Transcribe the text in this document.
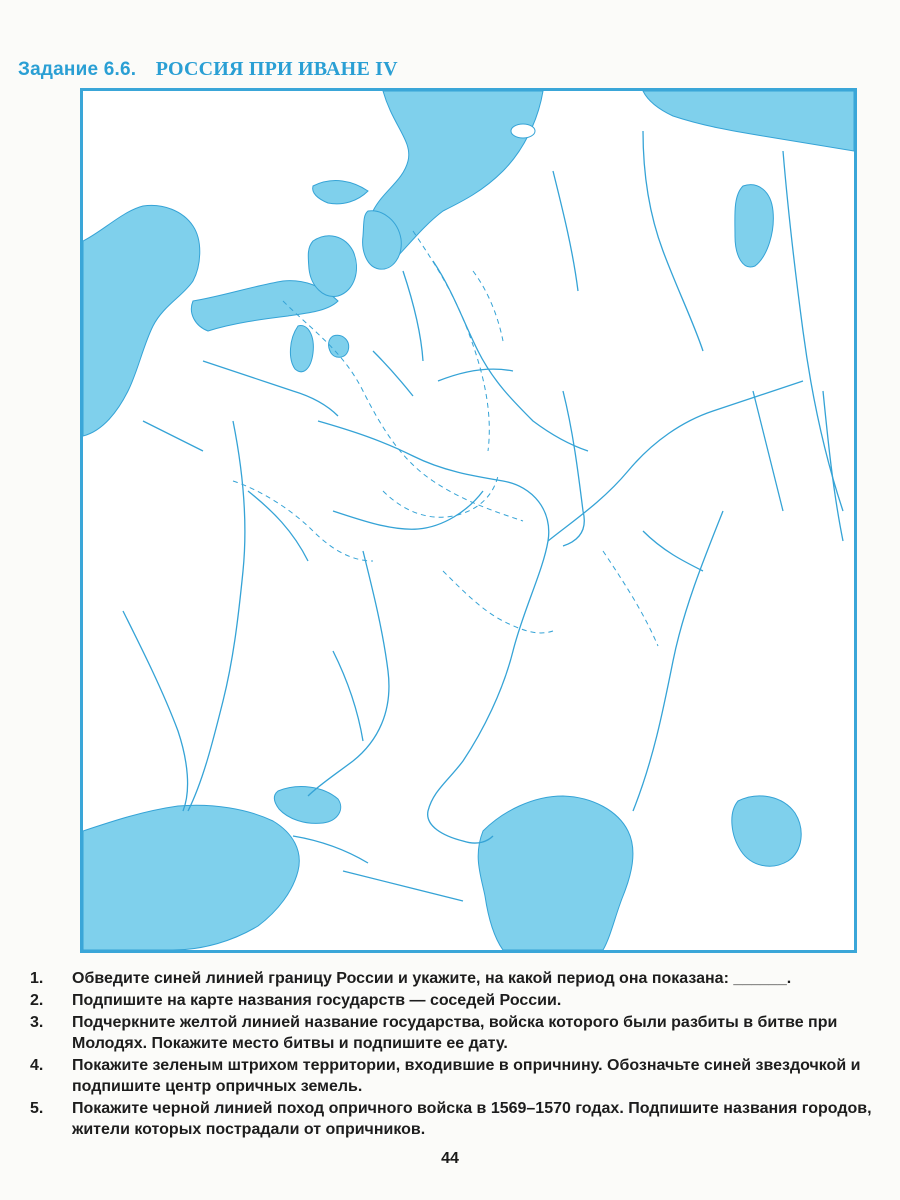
Задание 6.6. РОССИЯ ПРИ ИВАНЕ IV
1. Обведите синей линией границу России и укажите, на какой период она показана: ______.
2. Подпишите на карте названия государств — соседей России.
3. Подчеркните желтой линией название государства, войска которого были разбиты в битве при Молодях. Покажите место битвы и подпишите ее дату.
4. Покажите зеленым штрихом территории, входившие в опричнину. Обозначьте синей звездочкой и подпишите центр опричных земель.
5. Покажите черной линией поход опричного войска в 1569–1570 годах. Подпишите названия городов, жители которых пострадали от опричников.
44
